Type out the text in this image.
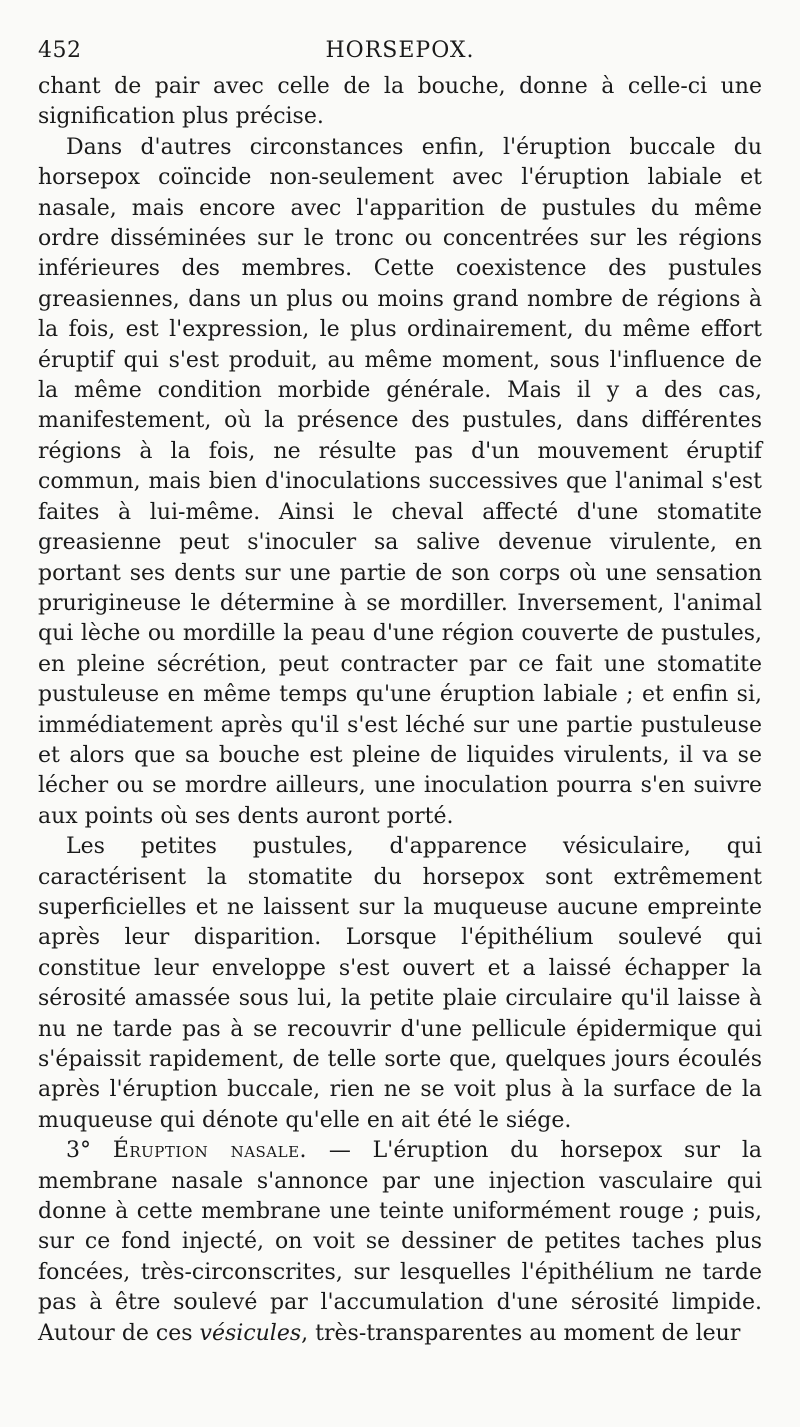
452	HORSEPOX.

chant de pair avec celle de la bouche, donne à celle-ci une signification plus précise.

Dans d'autres circonstances enfin, l'éruption buccale du horsepox coïncide non-seulement avec l'éruption labiale et nasale, mais encore avec l'apparition de pustules du même ordre disséminées sur le tronc ou concentrées sur les régions inférieures des membres. Cette coexistence des pustules greasiennes, dans un plus ou moins grand nombre de régions à la fois, est l'expression, le plus ordinairement, du même effort éruptif qui s'est produit, au même moment, sous l'influence de la même condition morbide générale. Mais il y a des cas, manifestement, où la présence des pustules, dans différentes régions à la fois, ne résulte pas d'un mouvement éruptif commun, mais bien d'inoculations successives que l'animal s'est faites à lui-même. Ainsi le cheval affecté d'une stomatite greasienne peut s'inoculer sa salive devenue virulente, en portant ses dents sur une partie de son corps où une sensation prurigineuse le détermine à se mordiller. Inversement, l'animal qui lèche ou mordille la peau d'une région couverte de pustules, en pleine sécrétion, peut contracter par ce fait une stomatite pustuleuse en même temps qu'une éruption labiale ; et enfin si, immédiatement après qu'il s'est léché sur une partie pustuleuse et alors que sa bouche est pleine de liquides virulents, il va se lécher ou se mordre ailleurs, une inoculation pourra s'en suivre aux points où ses dents auront porté.

Les petites pustules, d'apparence vésiculaire, qui caractérisent la stomatite du horsepox sont extrêmement superficielles et ne laissent sur la muqueuse aucune empreinte après leur disparition. Lorsque l'épithélium soulevé qui constitue leur enveloppe s'est ouvert et a laissé échapper la sérosité amassée sous lui, la petite plaie circulaire qu'il laisse à nu ne tarde pas à se recouvrir d'une pellicule épidermique qui s'épaissit rapidement, de telle sorte que, quelques jours écoulés après l'éruption buccale, rien ne se voit plus à la surface de la muqueuse qui dénote qu'elle en ait été le siége.

3° Éruption nasale. — L'éruption du horsepox sur la membrane nasale s'annonce par une injection vasculaire qui donne à cette membrane une teinte uniformément rouge ; puis, sur ce fond injecté, on voit se dessiner de petites taches plus foncées, très-circonscrites, sur lesquelles l'épithélium ne tarde pas à être soulevé par l'accumulation d'une sérosité limpide. Autour de ces vésicules, très-transparentes au moment de leur
